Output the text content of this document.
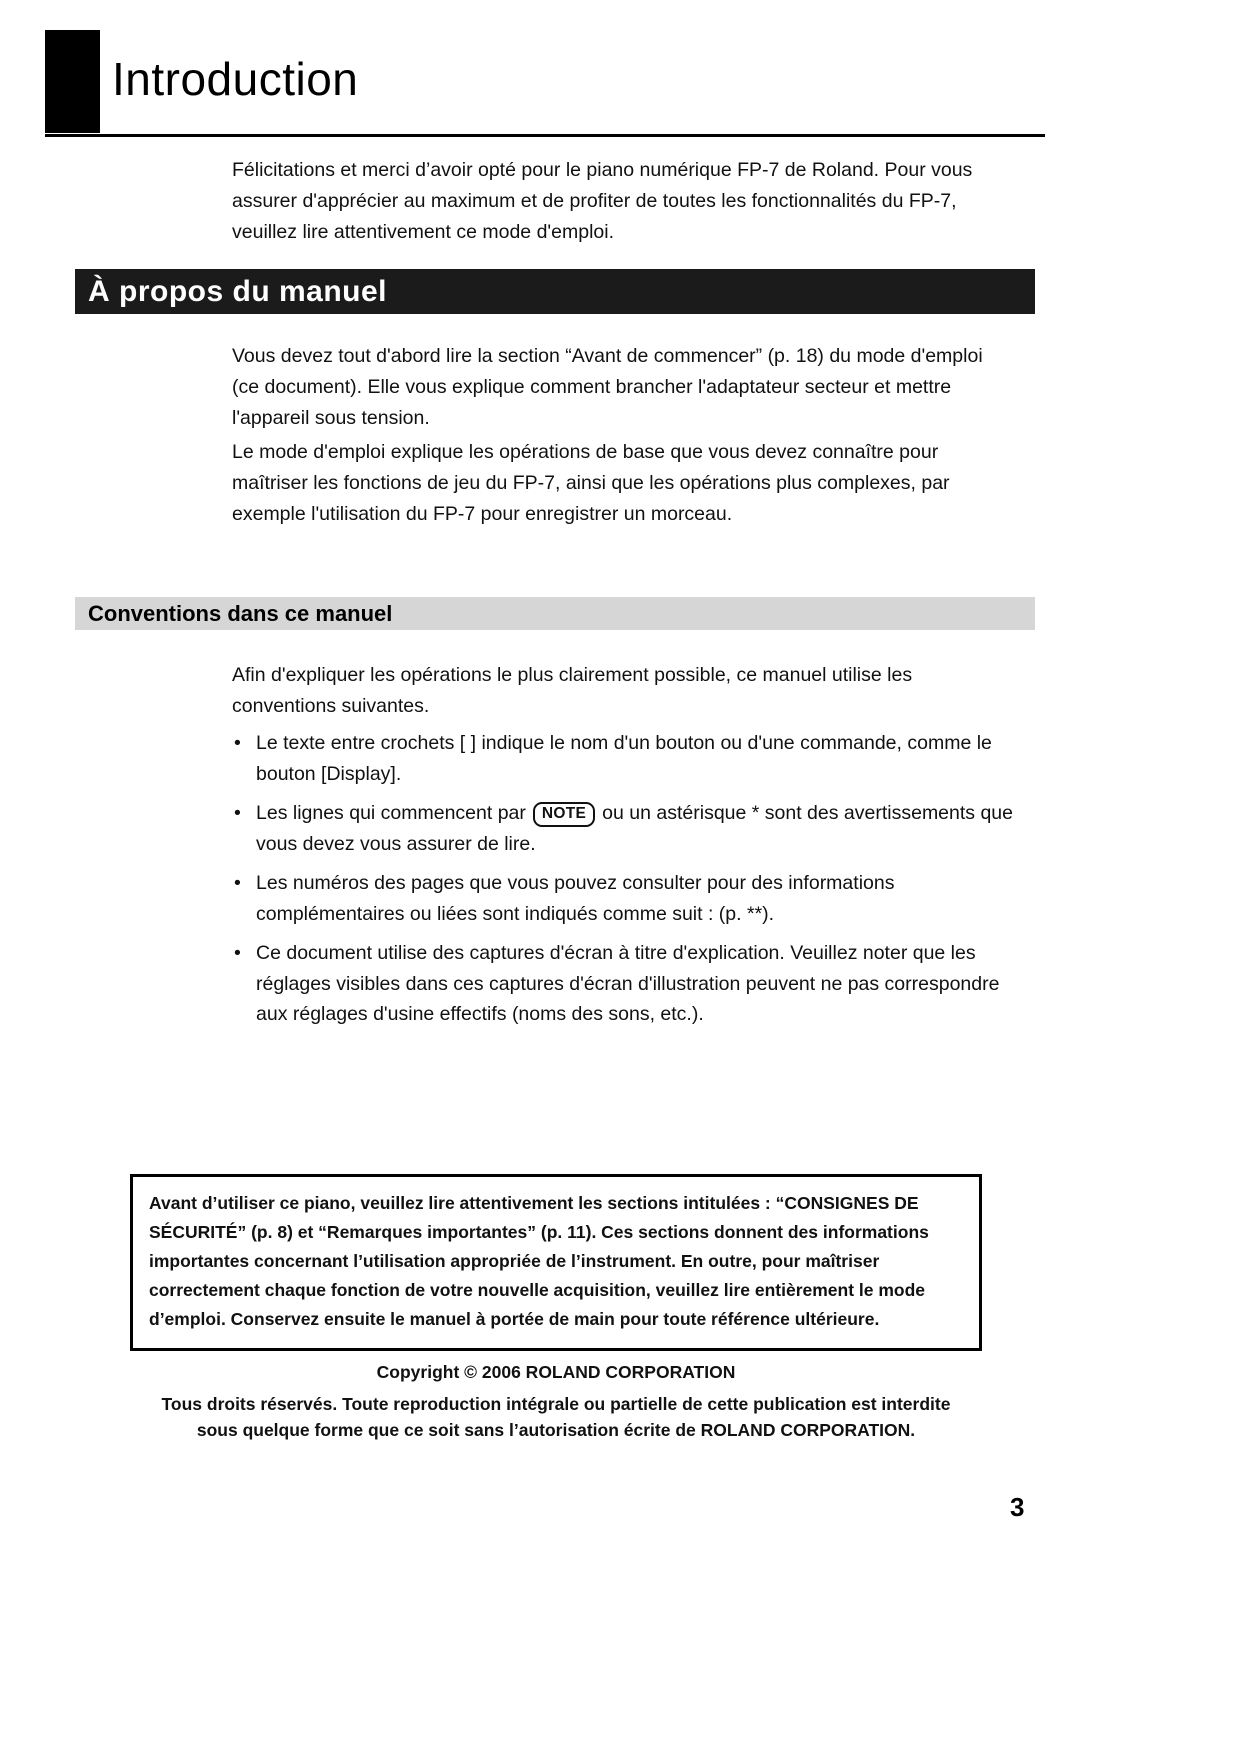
Introduction

Félicitations et merci d’avoir opté pour le piano numérique FP-7 de Roland. Pour vous assurer d'apprécier au maximum et de profiter de toutes les fonctionnalités du FP-7, veuillez lire attentivement ce mode d'emploi.

À propos du manuel

Vous devez tout d'abord lire la section “Avant de commencer” (p. 18) du mode d'emploi (ce document). Elle vous explique comment brancher l'adaptateur secteur et mettre l'appareil sous tension.

Le mode d'emploi explique les opérations de base que vous devez connaître pour maîtriser les fonctions de jeu du FP-7, ainsi que les opérations plus complexes, par exemple l'utilisation du FP-7 pour enregistrer un morceau.

Conventions dans ce manuel

Afin d'expliquer les opérations le plus clairement possible, ce manuel utilise les conventions suivantes.

• Le texte entre crochets [ ] indique le nom d'un bouton ou d'une commande, comme le bouton [Display].
• Les lignes qui commencent par NOTE ou un astérisque * sont des avertissements que vous devez vous assurer de lire.
• Les numéros des pages que vous pouvez consulter pour des informations complémentaires ou liées sont indiqués comme suit : (p. **).
• Ce document utilise des captures d'écran à titre d'explication. Veuillez noter que les réglages visibles dans ces captures d'écran d'illustration peuvent ne pas correspondre aux réglages d'usine effectifs (noms des sons, etc.).

Avant d’utiliser ce piano, veuillez lire attentivement les sections intitulées : “CONSIGNES DE SÉCURITÉ” (p. 8) et “Remarques importantes” (p. 11). Ces sections donnent des informations importantes concernant l’utilisation appropriée de l’instrument. En outre, pour maîtriser correctement chaque fonction de votre nouvelle acquisition, veuillez lire entièrement le mode d’emploi. Conservez ensuite le manuel à portée de main pour toute référence ultérieure.

Copyright © 2006 ROLAND CORPORATION

Tous droits réservés. Toute reproduction intégrale ou partielle de cette publication est interdite sous quelque forme que ce soit sans l’autorisation écrite de ROLAND CORPORATION.

3
